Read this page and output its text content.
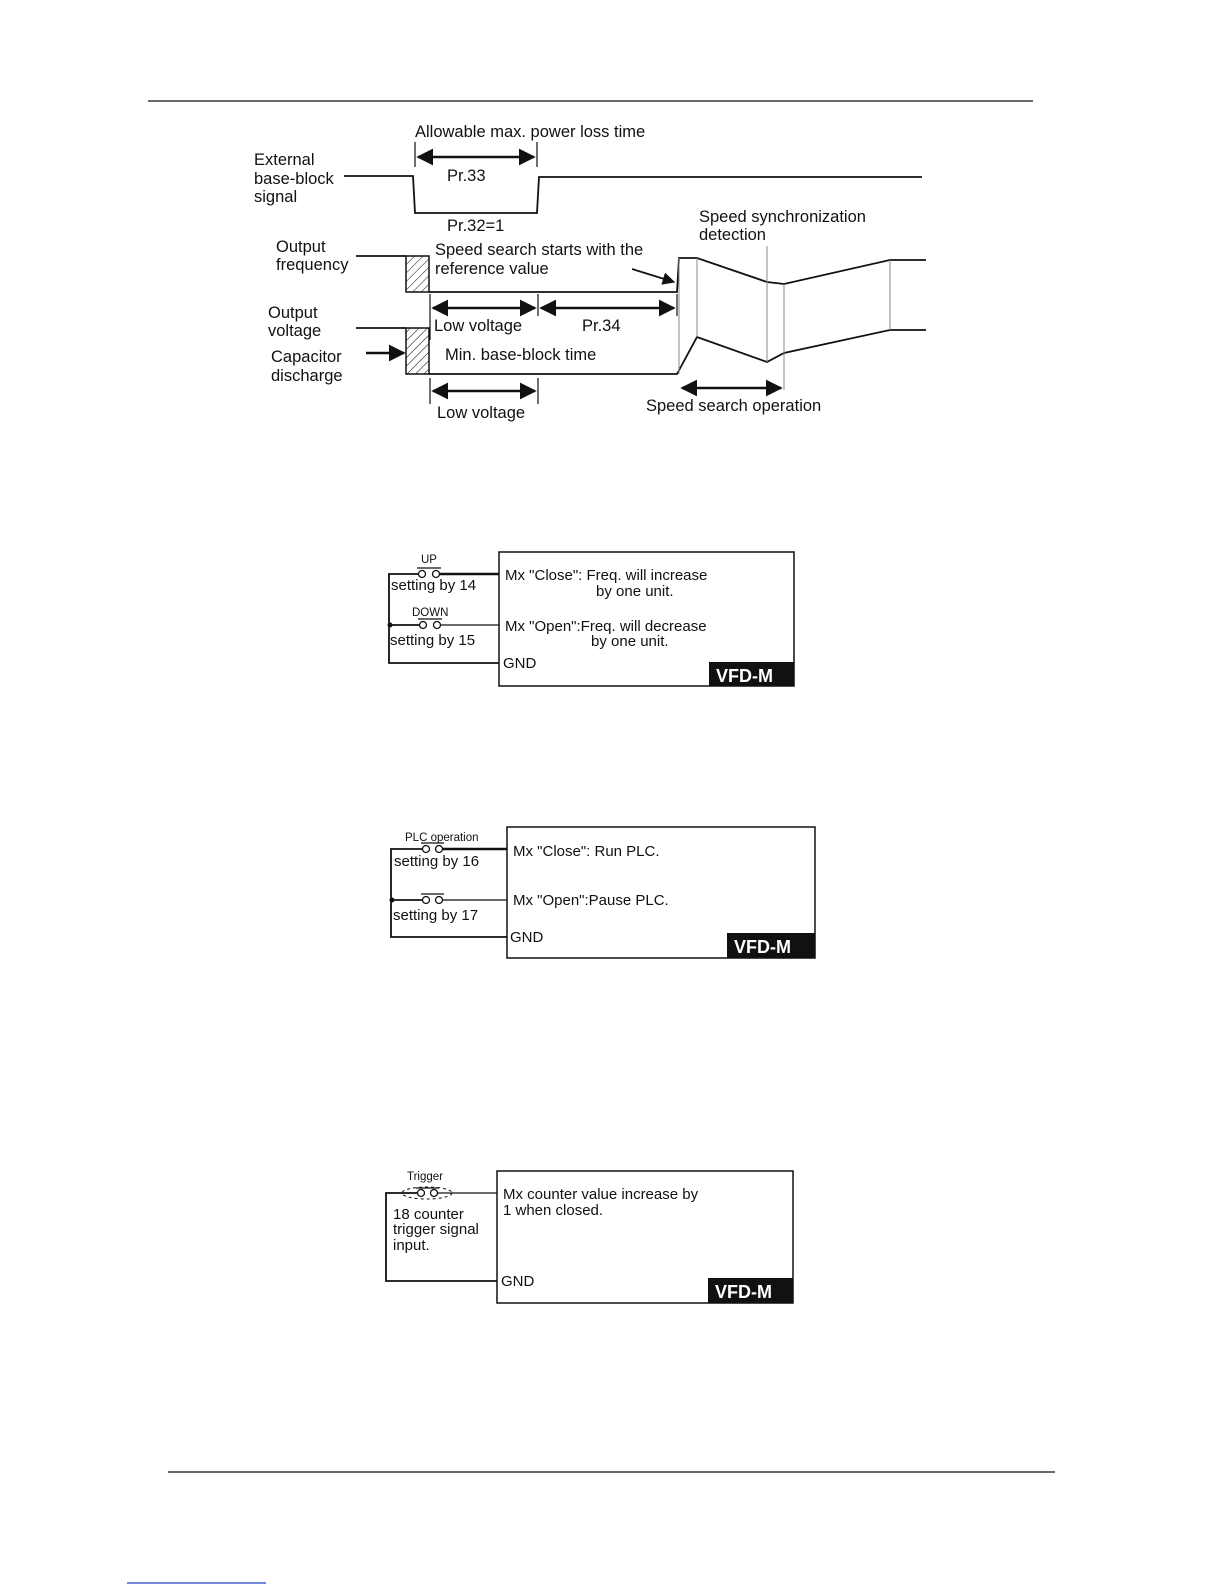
Allowable max. power loss time
Pr.33
External
base-block
signal
Pr.32=1
Output
frequency
Speed search starts with the
reference value
Speed synchronization
detection
Output
voltage	Low voltage	Pr.34
Min. base-block time
Capacitor
discharge
Low voltage	Speed search operation
VFD-M
UP
setting by 14
DOWN
setting by 15
Mx "Close": Freq. will increase
by one unit.
Mx "Open":Freq. will decrease
by one unit.
GND
VFD-M
PLC operation
setting by 16
setting by 17
Mx "Close": Run PLC.
Mx "Open":Pause PLC.
GND
VFD-M
Trigger
18 counter
trigger signal
input.
Mx counter value increase by
1 when closed.
GND
